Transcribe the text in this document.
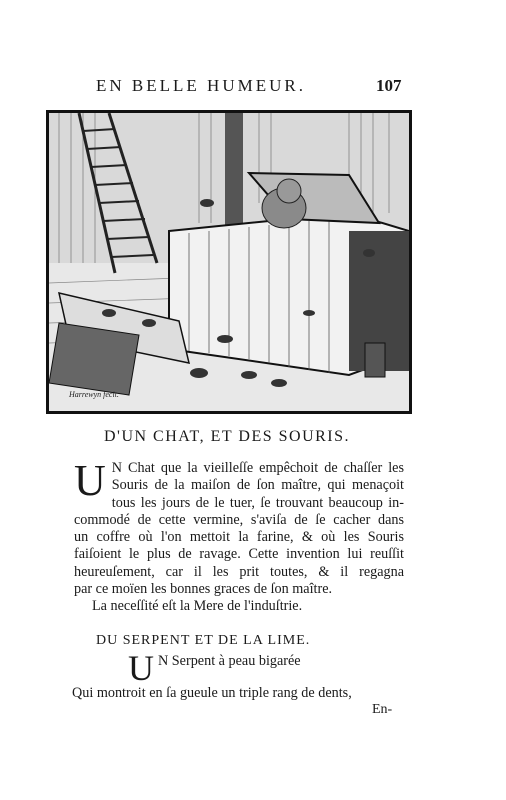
EN BELLE HUMEUR.	107
Harrewyn fecit.
D'UN CHAT, ET DES SOURIS.
U N Chat que la vieilleſſe empêchoit de chaſſer les
Souris de la maiſon de ſon maître, qui menaçoit
tous les jours de le tuer, ſe trouvant beaucoup in-
commodé de cette vermine, s'aviſa de ſe cacher dans
un coffre où l'on mettoit la farine, & où les Souris
faiſoient le plus de ravage. Cette invention lui reuſſit
heureuſement, car il les prit toutes, & il regagna
par ce moïen les bonnes graces de ſon maître.
La neceſſité eſt la Mere de l'induſtrie.
DU SERPENT ET DE LA LIME.
U N Serpent à peau bigarée
Qui montroit en ſa gueule un triple rang de dents,
En-
